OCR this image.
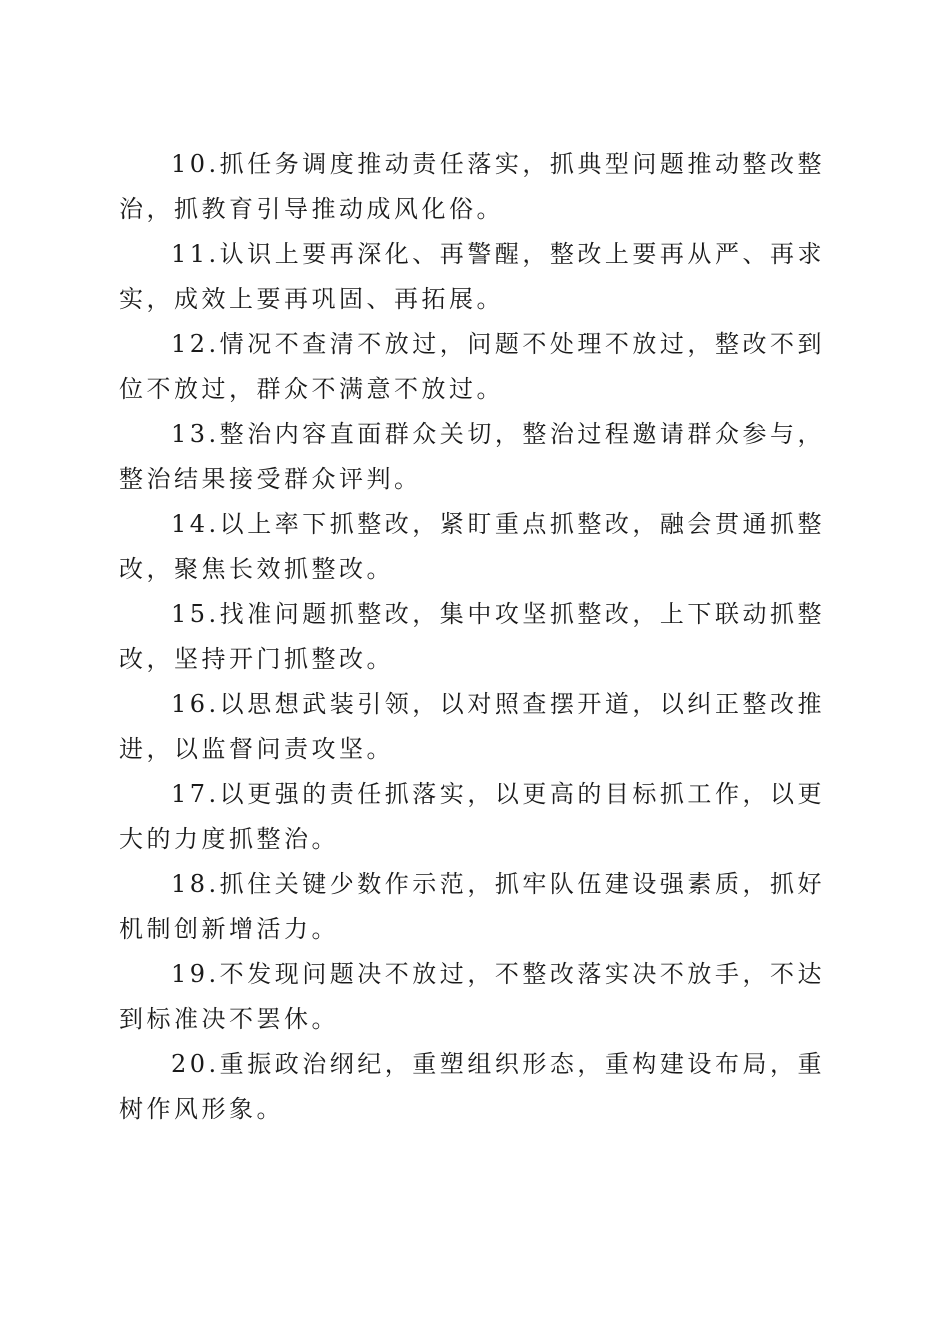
10.抓任务调度推动责任落实，抓典型问题推动整改整治，抓教育引导推动成风化俗。

11.认识上要再深化、再警醒，整改上要再从严、再求实，成效上要再巩固、再拓展。

12.情况不查清不放过，问题不处理不放过，整改不到位不放过，群众不满意不放过。

13.整治内容直面群众关切，整治过程邀请群众参与，整治结果接受群众评判。

14.以上率下抓整改，紧盯重点抓整改，融会贯通抓整改，聚焦长效抓整改。

15.找准问题抓整改，集中攻坚抓整改，上下联动抓整改，坚持开门抓整改。

16.以思想武装引领，以对照查摆开道，以纠正整改推进，以监督问责攻坚。

17.以更强的责任抓落实，以更高的目标抓工作，以更大的力度抓整治。

18.抓住关键少数作示范，抓牢队伍建设强素质，抓好机制创新增活力。

19.不发现问题决不放过，不整改落实决不放手，不达到标准决不罢休。

20.重振政治纲纪，重塑组织形态，重构建设布局，重树作风形象。
